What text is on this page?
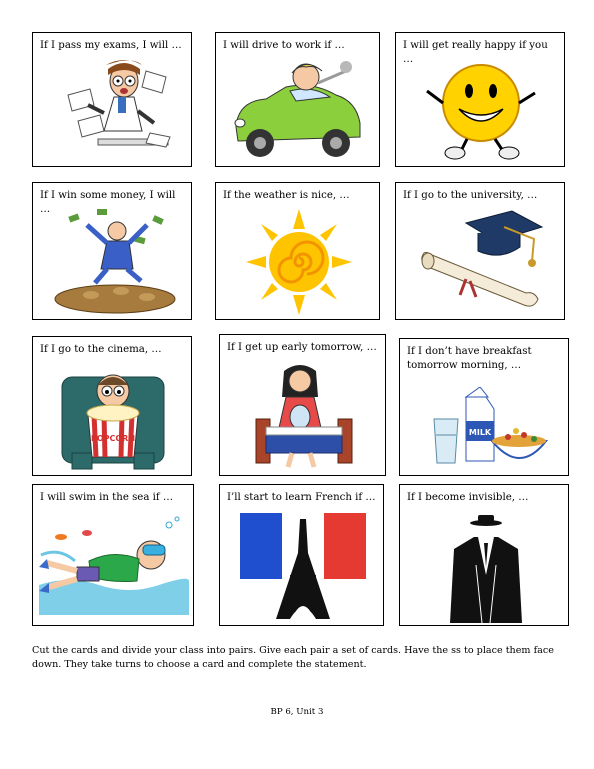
If I pass my exams, I will …	I will drive to work if …	I will get really happy if you …
If I win some money, I will …
If the weather is nice, …	If I go to the university, …
If I go to the cinema, …
POPCORN
If I get up early tomorrow, …	If I don’t have breakfast tomorrow morning, …
MILK
I will swim in the sea if …	I’ll start to learn French if …	If I become invisible, …
Cut the cards and divide your class into pairs. Give each pair a set of cards. Have the ss to place them face down. They take turns to choose a card and complete the statement.
BP 6, Unit 3
